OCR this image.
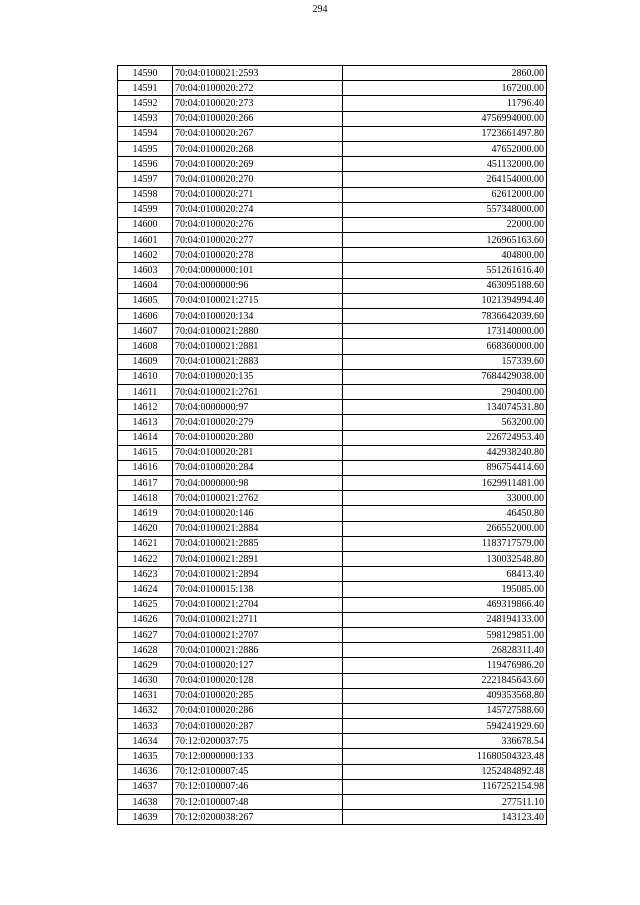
294
14590	70:04:0100021:2593	2860.00
14591	70:04:0100020:272	167200.00
14592	70:04:0100020:273	11796.40
14593	70:04:0100020:266	4756994000.00
14594	70:04:0100020:267	1723661497.80
14595	70:04:0100020:268	47652000.00
14596	70:04:0100020:269	451132000.00
14597	70:04:0100020:270	264154000.00
14598	70:04:0100020:271	62612000.00
14599	70:04:0100020:274	557348000.00
14600	70:04:0100020:276	22000.00
14601	70:04:0100020:277	126965163.60
14602	70:04:0100020:278	404800.00
14603	70:04:0000000:101	551261616.40
14604	70:04:0000000:96	463095188.60
14605	70:04:0100021:2715	1021394994.40
14606	70:04:0100020:134	7836642039.60
14607	70:04:0100021:2880	173140000.00
14608	70:04:0100021:2881	668360000.00
14609	70:04:0100021:2883	157339.60
14610	70:04:0100020:135	7684429038.00
14611	70:04:0100021:2761	290400.00
14612	70:04:0000000:97	134074531.80
14613	70:04:0100020:279	563200.00
14614	70:04:0100020:280	226724953.40
14615	70:04:0100020:281	442938240.80
14616	70:04:0100020:284	896754414.60
14617	70:04:0000000:98	1629911481.00
14618	70:04:0100021:2762	33000.00
14619	70:04:0100020:146	46450.80
14620	70:04:0100021:2884	266552000.00
14621	70:04:0100021:2885	1183717579.00
14622	70:04:0100021:2891	130032548.80
14623	70:04:0100021:2894	68413.40
14624	70:04:0100015:138	195085.00
14625	70:04:0100021:2704	469319866.40
14626	70:04:0100021:2711	248194133.00
14627	70:04:0100021:2707	598129851.00
14628	70:04:0100021:2886	26828311.40
14629	70:04:0100020:127	119476986.20
14630	70:04:0100020:128	2221845643.60
14631	70:04:0100020:285	409353568.80
14632	70:04:0100020:286	145727588.60
14633	70:04:0100020:287	594241929.60
14634	70:12:0200037:75	336678.54
14635	70:12:0000000:133	11680504323.48
14636	70:12:0100007:45	1252484892.48
14637	70:12:0100007:46	1167252154.98
14638	70:12:0100007:48	277511.10
14639	70:12:0200038:267	143123.40
